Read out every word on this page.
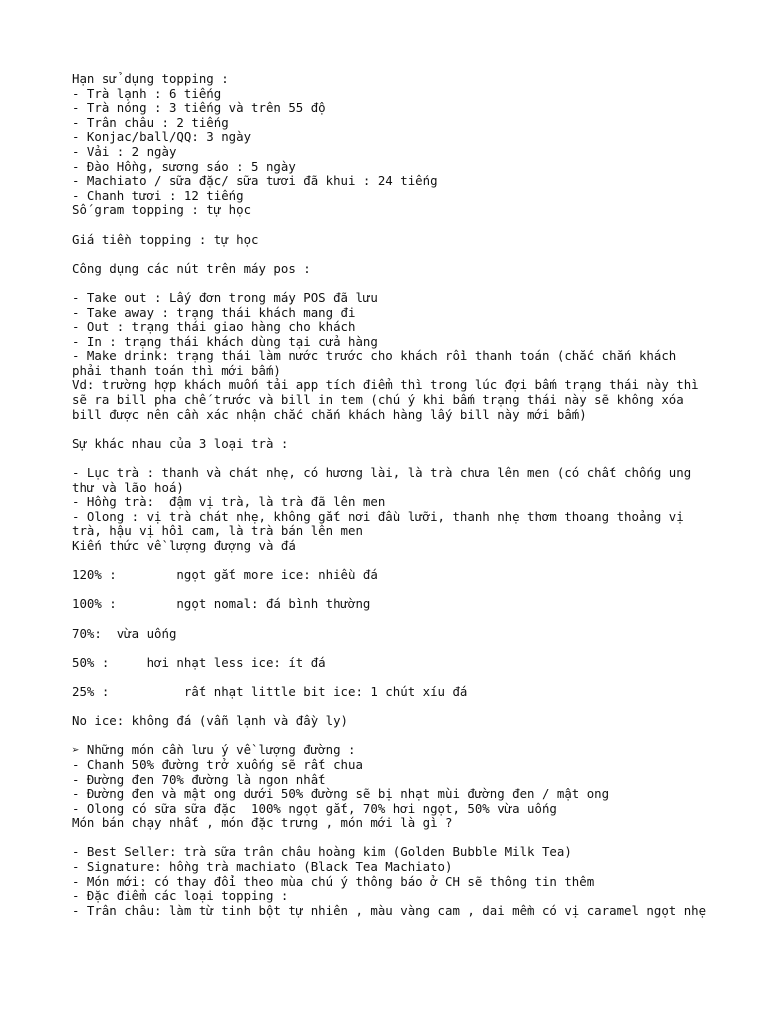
Hạn sử dụng topping :
- Trà lạnh : 6 tiếng
- Trà nóng : 3 tiếng và trên 55 độ
- Trân châu : 2 tiếng
- Konjac/ball/QQ: 3 ngày
- Vải : 2 ngày
- Đào Hồng, sương sáo : 5 ngày
- Machiato / sữa đặc/ sữa tươi đã khui : 24 tiếng
- Chanh tươi : 12 tiếng
Số gram topping : tự học
Giá tiền topping : tự học
Công dụng các nút trên máy pos :
- Take out : Lấy đơn trong máy POS đã lưu
- Take away : trạng thái khách mang đi
- Out : trạng thái giao hàng cho khách
- In : trạng thái khách dùng tại cửa hàng
- Make drink: trạng thái làm nước trước cho khách rồi thanh toán (chắc chắn khách phải thanh toán thì mới bấm)
Vd: trường hợp khách muốn tải app tích điểm thì trong lúc đợi bấm trạng thái này thì sẽ ra bill pha chế trước và bill in tem (chú ý khi bấm trạng thái này sẽ không xóa bill được nên cần xác nhận chắc chắn khách hàng lấy bill này mới bấm)
Sự khác nhau của 3 loại trà :
- Lục trà : thanh và chát nhẹ, có hương lài, là trà chưa lên men (có chất chống ung thư và lão hoá)
- Hồng trà:  đậm vị trà, là trà đã lên men
- Olong : vị trà chát nhẹ, không gắt nơi đầu lưỡi, thanh nhẹ thơm thoang thoảng vị trà, hậu vị hồi cam, là trà bán lên men
Kiến thức về lượng đượng và đá
120% :        ngọt gắt more ice: nhiều đá
100% :        ngọt nomal: đá bình thường
70%:  vừa uống
50% :     hơi nhạt less ice: ít đá
25% :          rất nhạt little bit ice: 1 chút xíu đá
No ice: không đá (vẫn lạnh và đầy ly)
➢ Những món cần lưu ý về lượng đường :
- Chanh 50% đường trở xuống sẽ rất chua
- Đường đen 70% đường là ngon nhất
- Đường đen và mật ong dưới 50% đường sẽ bị nhạt mùi đường đen / mật ong
- Olong có sữa sữa đặc  100% ngọt gắt, 70% hơi ngọt, 50% vừa uống
Món bán chạy nhất , món đặc trưng , món mới là gì ?
- Best Seller: trà sữa trân châu hoàng kim (Golden Bubble Milk Tea)
- Signature: hồng trà machiato (Black Tea Machiato)
- Món mới: có thay đổi theo mùa chú ý thông báo ở CH sẽ thông tin thêm
- Đặc điểm các loại topping :
- Trân châu: làm từ tinh bột tự nhiên , màu vàng cam , dai mềm có vị caramel ngọt nhẹ
